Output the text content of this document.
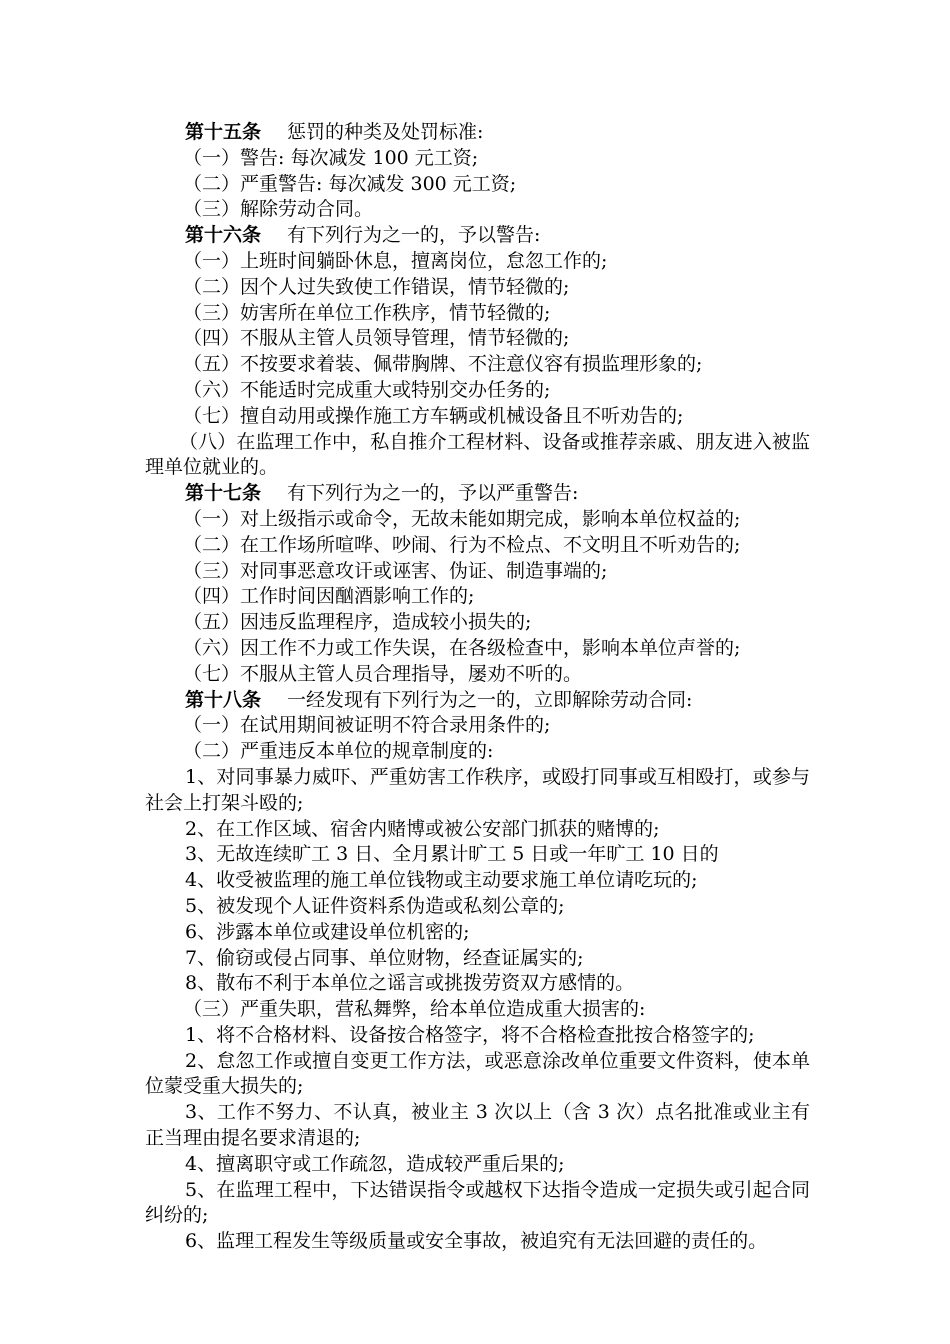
第十五条 惩罚的种类及处罚标准:

（一）警告: 每次减发 100 元工资;

（二）严重警告: 每次减发 300 元工资;

（三）解除劳动合同。

第十六条 有下列行为之一的，予以警告:

（一）上班时间躺卧休息，擅离岗位，怠忽工作的;

（二）因个人过失致使工作错误，情节轻微的;

（三）妨害所在单位工作秩序，情节轻微的;

（四）不服从主管人员领导管理，情节轻微的;

（五）不按要求着装、佩带胸牌、不注意仪容有损监理形象的;

（六）不能适时完成重大或特别交办任务的;

（七）擅自动用或操作施工方车辆或机械设备且不听劝告的;

（八）在监理工作中，私自推介工程材料、设备或推荐亲戚、朋友进入被监理单位就业的。

第十七条 有下列行为之一的，予以严重警告:

（一）对上级指示或命令，无故未能如期完成，影响本单位权益的;

（二）在工作场所喧哗、吵闹、行为不检点、不文明且不听劝告的;

（三）对同事恶意攻讦或诬害、伪证、制造事端的;

（四）工作时间因酗酒影响工作的;

（五）因违反监理程序，造成较小损失的;

（六）因工作不力或工作失误，在各级检查中，影响本单位声誉的;

（七）不服从主管人员合理指导，屡劝不听的。

第十八条 一经发现有下列行为之一的，立即解除劳动合同:

（一）在试用期间被证明不符合录用条件的;

（二）严重违反本单位的规章制度的:

1、对同事暴力威吓、严重妨害工作秩序，或殴打同事或互相殴打，或参与社会上打架斗殴的;

2、在工作区域、宿舍内赌博或被公安部门抓获的赌博的;

3、无故连续旷工 3 日、全月累计旷工 5 日或一年旷工 10 日的

4、收受被监理的施工单位钱物或主动要求施工单位请吃玩的;

5、被发现个人证件资料系伪造或私刻公章的;

6、涉露本单位或建设单位机密的;

7、偷窃或侵占同事、单位财物，经查证属实的;

8、散布不利于本单位之谣言或挑拨劳资双方感情的。

（三）严重失职，营私舞弊，给本单位造成重大损害的:

1、将不合格材料、设备按合格签字，将不合格检查批按合格签字的;

2、怠忽工作或擅自变更工作方法，或恶意涂改单位重要文件资料，使本单位蒙受重大损失的;

3、工作不努力、不认真，被业主 3 次以上（含 3 次）点名批准或业主有正当理由提名要求清退的;

4、擅离职守或工作疏忽，造成较严重后果的;

5、在监理工程中，下达错误指令或越权下达指令造成一定损失或引起合同纠纷的;

6、监理工程发生等级质量或安全事故，被追究有无法回避的责任的。
